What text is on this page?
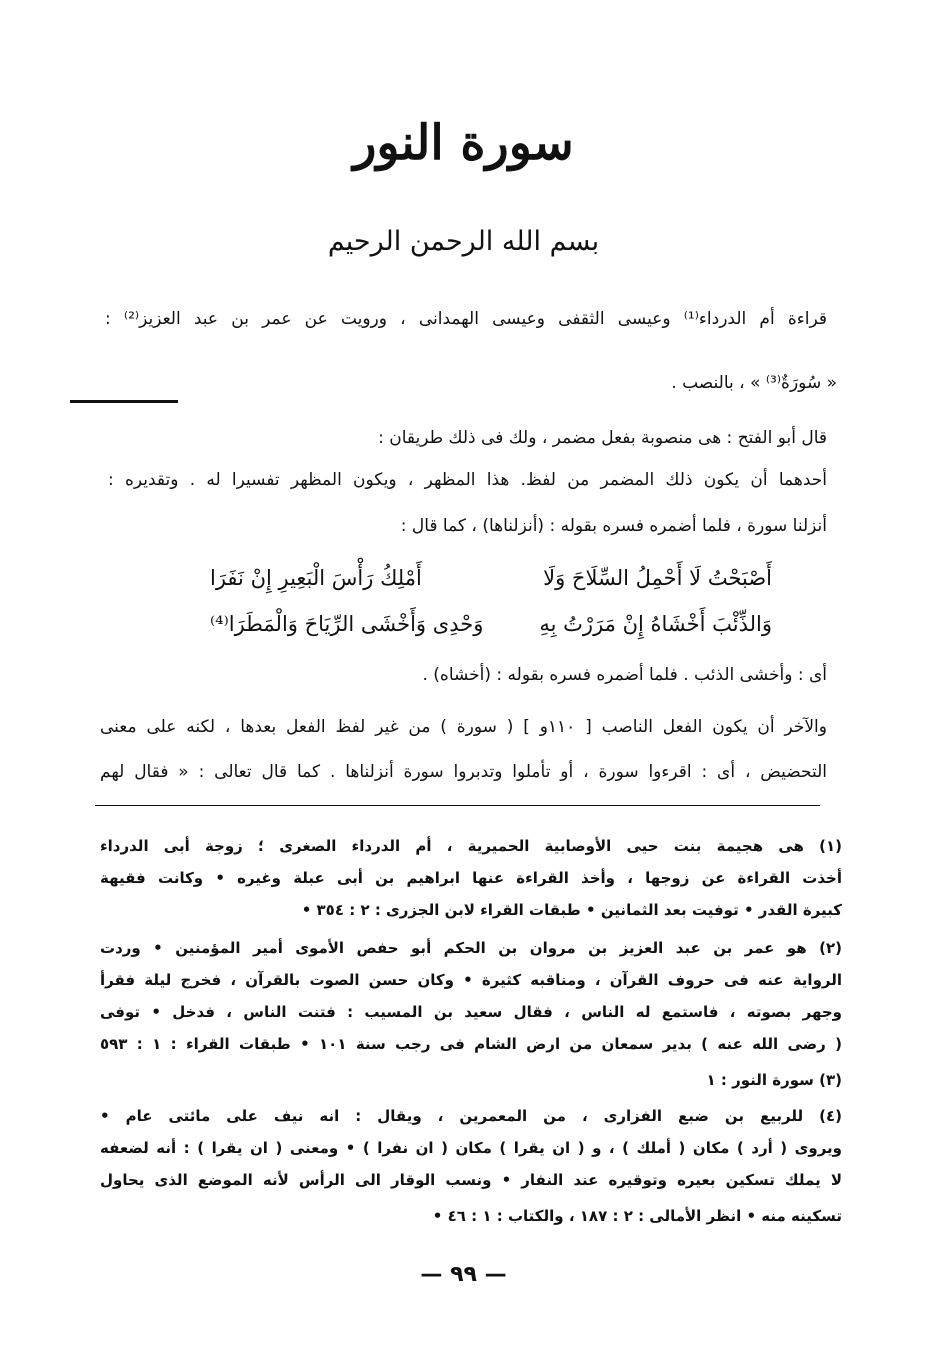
سورة النور
بسم الله الرحمن الرحيم
قراءة أم الدرداء⁽¹⁾ وعيسى الثقفى وعيسى الهمدانى ، ورويت عن عمر بن عبد العزيز⁽²⁾ :
« سُورَةٌ⁽³⁾ » ، بالنصب .
قال أبو الفتح : هى منصوبة بفعل مضمر ، ولك فى ذلك طريقان :
أحدهما أن يكون ذلك المضمر من لفظ. هذا المظهر ، ويكون المظهر تفسيرا له . وتقديره :
أنزلنا سورة ، فلما أضمره فسره بقوله : (أنزلناها) ، كما قال :
أَصْبَحْتُ لَا أَحْمِلُ السِّلَاحَ وَلَا
أَمْلِكُ رَأْسَ الْبَعِيرِ إِنْ نَفَرَا
وَالذِّئْبَ أَخْشَاهُ إِنْ مَرَرْتُ بِهِ
وَحْدِى وَأَخْشَى الرِّيَاحَ وَالْمَطَرَا⁽⁴⁾
أى : وأخشى الذئب . فلما أضمره فسره بقوله : (أخشاه) .
والآخر أن يكون الفعل الناصب [ ١١٠و ] ( سورة ) من غير لفظ الفعل بعدها ، لكنه على معنى
التحضيض ، أى : اقرءوا سورة ، أو تأملوا وتدبروا سورة أنزلناها . كما قال تعالى : « فقال لهم
(١) هى هجيمة بنت حيى الأوصابية الحميرية ، أم الدرداء الصغرى ؛ زوجة أبى الدرداء
أخذت القراءة عن زوجها ، وأخذ القراءة عنها ابراهيم بن أبى عبلة وغيره • وكانت فقيهة
كبيرة القدر • توفيت بعد الثمانين • طبقات القراء لابن الجزرى : ٢ : ٣٥٤ •
(٢) هو عمر بن عبد العزيز بن مروان بن الحكم أبو حفص الأموى أمير المؤمنين • وردت
الرواية عنه فى حروف القرآن ، ومناقبه كثيرة • وكان حسن الصوت بالقرآن ، فخرج ليلة فقرأ
وجهر بصوته ، فاستمع له الناس ، فقال سعيد بن المسيب : فتنت الناس ، فدخل • توفى
( رضى الله عنه ) بدير سمعان من ارض الشام فى رجب سنة ١٠١ • طبقات القراء : ١ : ٥٩٣
(٣) سورة النور : ١
(٤) للربيع بن ضبع الفزارى ، من المعمرين ، ويقال : انه نيف على مائتى عام •
ويروى ( أرد ) مكان ( أملك ) ، و ( ان يقرا ) مكان ( ان نفرا ) • ومعنى ( ان يقرا ) : أنه لضعفه
لا يملك تسكين بعيره وتوقيره عند النفار • ونسب الوقار الى الرأس لأنه الموضع الذى يحاول
تسكينه منه • انظر الأمالى : ٢ : ١٨٧ ، والكتاب : ١ : ٤٦ •
— ٩٩ —
